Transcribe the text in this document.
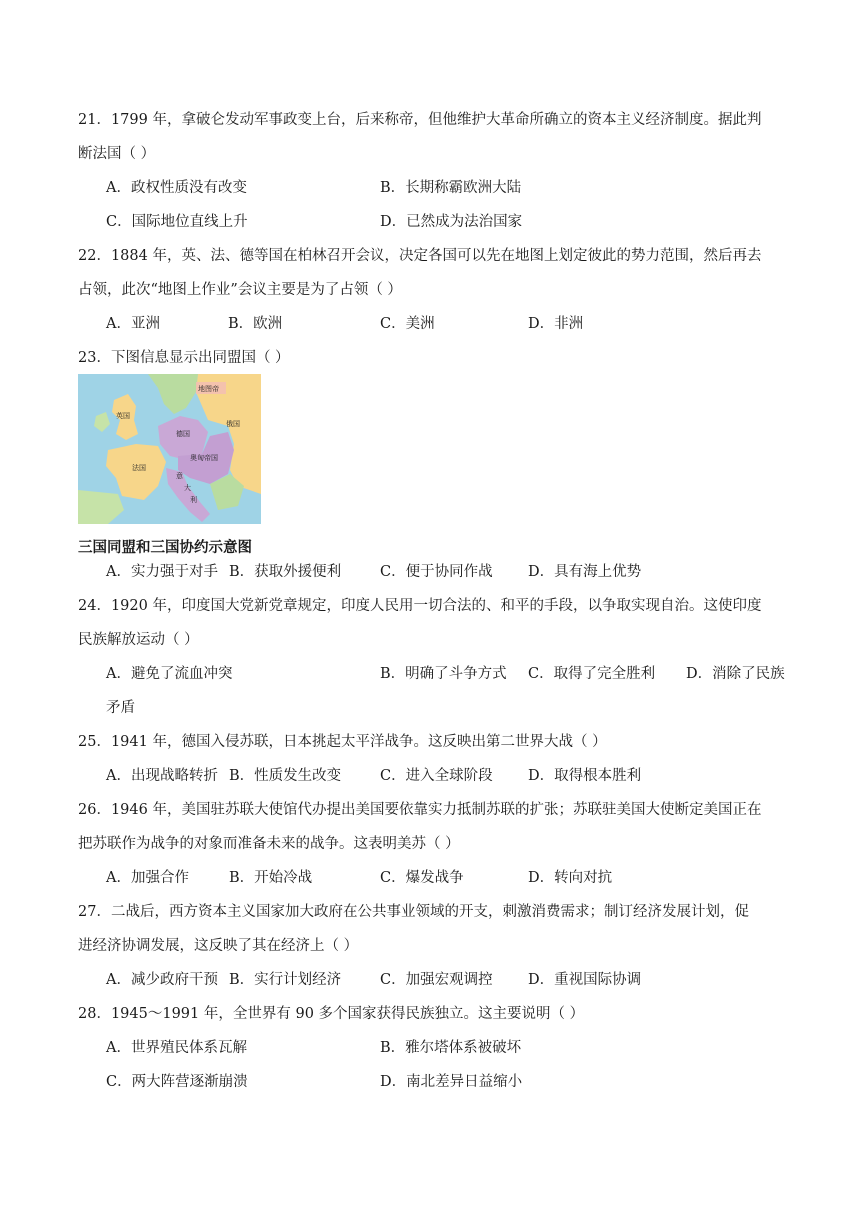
21．1799 年，拿破仑发动军事政变上台，后来称帝，但他维护大革命所确立的资本主义经济制度。据此判
断法国（ ）
A．政权性质没有改变	B．长期称霸欧洲大陆
C．国际地位直线上升	D．已然成为法治国家
22．1884 年，英、法、德等国在柏林召开会议，决定各国可以先在地图上划定彼此的势力范围，然后再去
占领，此次“地图上作业”会议主要是为了占领（ ）
A．亚洲	B．欧洲	C．美洲	D．非洲
23．下图信息显示出同盟国（ ）
地图帝
英国
法国
德国
俄国
奥匈帝国
意
大
利
三国同盟和三国协约示意图
A．实力强于对手 B．获取外援便利	C．便于协同作战 D．具有海上优势
24．1920 年，印度国大党新党章规定，印度人民用一切合法的、和平的手段，以争取实现自治。这使印度
民族解放运动（ ）
A．避免了流血冲突	B．明确了斗争方式 C．取得了完全胜利 D．消除了民族
矛盾
25．1941 年，德国入侵苏联，日本挑起太平洋战争。这反映出第二世界大战（ ）
A．出现战略转折 B．性质发生改变	C．进入全球阶段 D．取得根本胜利
26．1946 年，美国驻苏联大使馆代办提出美国要依靠实力抵制苏联的扩张；苏联驻美国大使断定美国正在
把苏联作为战争的对象而准备未来的战争。这表明美苏（ ）
A．加强合作	B．开始冷战	C．爆发战争	D．转向对抗
27．二战后，西方资本主义国家加大政府在公共事业领域的开支，刺激消费需求；制订经济发展计划，促
进经济协调发展，这反映了其在经济上（ ）
A．减少政府干预 B．实行计划经济	C．加强宏观调控 D．重视国际协调
28．1945～1991 年，全世界有 90 多个国家获得民族独立。这主要说明（ ）
A．世界殖民体系瓦解	B．雅尔塔体系被破坏
C．两大阵营逐渐崩溃	D．南北差异日益缩小
